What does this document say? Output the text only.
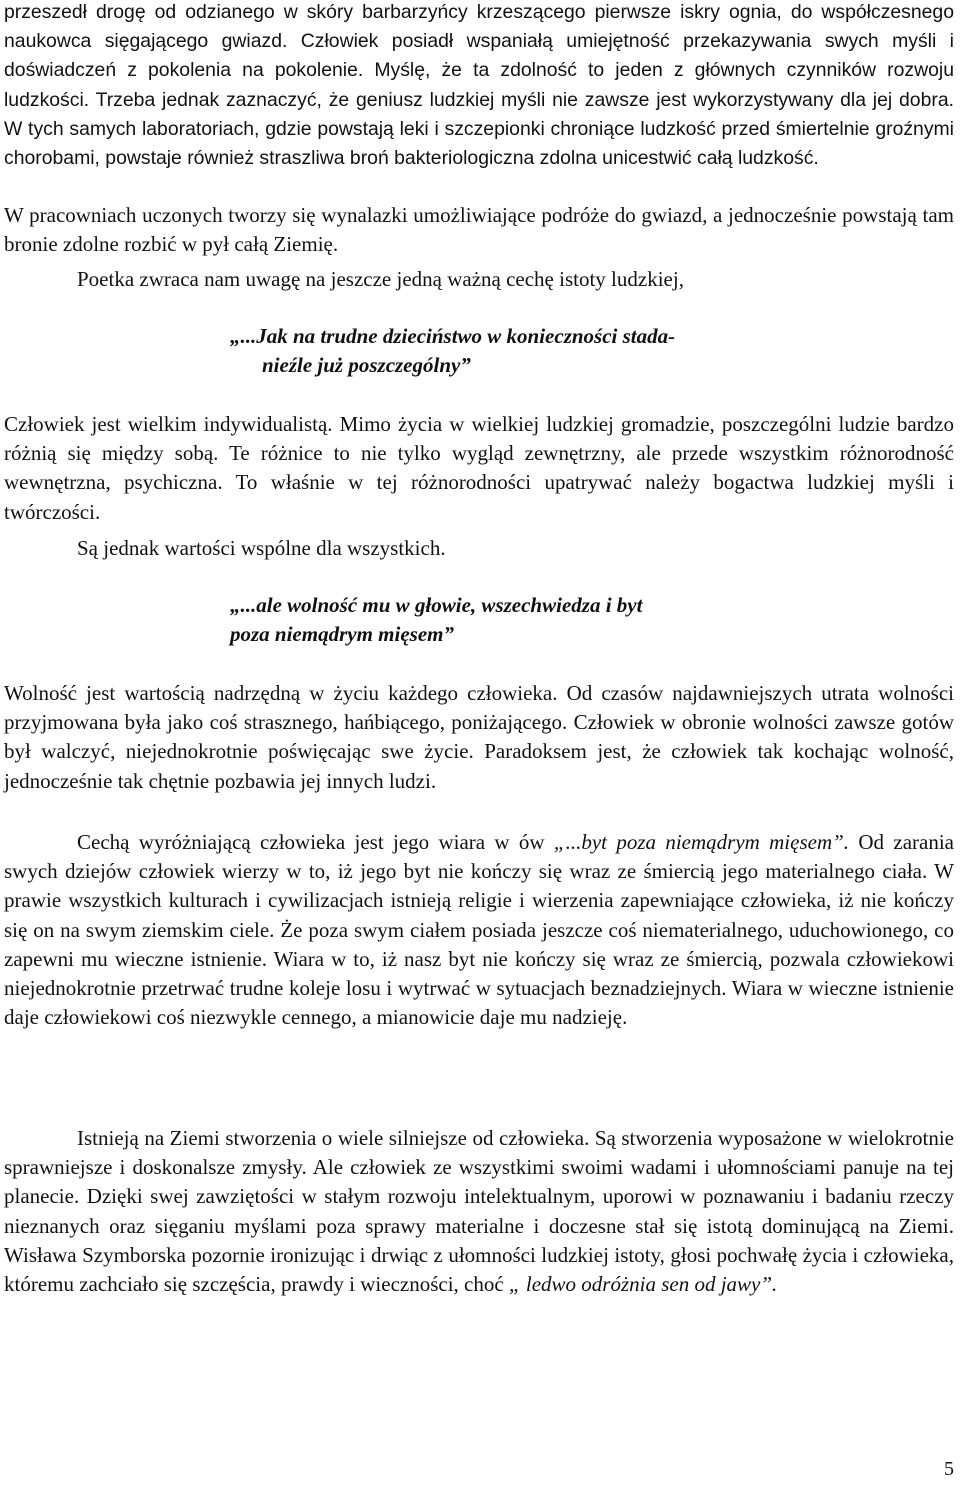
przeszedł drogę od odzianego w skóry barbarzyńcy krzeszącego pierwsze iskry ognia, do współczesnego naukowca sięgającego gwiazd. Człowiek posiadł wspaniałą umiejętność przekazywania swych myśli i doświadczeń z pokolenia na pokolenie. Myślę, że ta zdolność to jeden z głównych czynników rozwoju ludzkości. Trzeba jednak zaznaczyć, że geniusz ludzkiej myśli nie zawsze jest wykorzystywany dla jej dobra. W tych samych laboratoriach, gdzie powstają leki i szczepionki chroniące ludzkość przed śmiertelnie groźnymi chorobami, powstaje również straszliwa broń bakteriologiczna zdolna unicestwić całą ludzkość.

W pracowniach uczonych tworzy się wynalazki umożliwiające podróże do gwiazd, a jednocześnie powstają tam bronie zdolne rozbić w pył całą Ziemię.

Poetka zwraca nam uwagę na jeszcze jedną ważną cechę istoty ludzkiej,

„...Jak na trudne dzieciństwo w konieczności stada-

nieźle już poszczególny”

Człowiek jest wielkim indywidualistą. Mimo życia w wielkiej ludzkiej gromadzie, poszczególni ludzie bardzo różnią się między sobą. Te różnice to nie tylko wygląd zewnętrzny, ale przede wszystkim różnorodność wewnętrzna, psychiczna. To właśnie w tej różnorodności upatrywać należy bogactwa ludzkiej myśli i twórczości.

Są jednak wartości wspólne dla wszystkich.

„...ale wolność mu w głowie, wszechwiedza i byt

poza niemądrym mięsem”

Wolność jest wartością nadrzędną w życiu każdego człowieka. Od czasów najdawniejszych utrata wolności przyjmowana była jako coś strasznego, hańbiącego, poniżającego. Człowiek w obronie wolności zawsze gotów był walczyć, niejednokrotnie poświęcając swe życie. Paradoksem jest, że człowiek tak kochając wolność, jednocześnie tak chętnie pozbawia jej innych ludzi.

Cechą wyróżniającą człowieka jest jego wiara w ów „...byt poza niemądrym mięsem”. Od zarania swych dziejów człowiek wierzy w to, iż jego byt nie kończy się wraz ze śmiercią jego materialnego ciała. W prawie wszystkich kulturach i cywilizacjach istnieją religie i wierzenia zapewniające człowieka, iż nie kończy się on na swym ziemskim ciele. Że poza swym ciałem posiada jeszcze coś niematerialnego, uduchowionego, co zapewni mu wieczne istnienie. Wiara w to, iż nasz byt nie kończy się wraz ze śmiercią, pozwala człowiekowi niejednokrotnie przetrwać trudne koleje losu i wytrwać w sytuacjach beznadziejnych. Wiara w wieczne istnienie daje człowiekowi coś niezwykle cennego, a mianowicie daje mu nadzieję.

Istnieją na Ziemi stworzenia o wiele silniejsze od człowieka. Są stworzenia wyposażone w wielokrotnie sprawniejsze i doskonalsze zmysły. Ale człowiek ze wszystkimi swoimi wadami i ułomnościami panuje na tej planecie. Dzięki swej zawziętości w stałym rozwoju intelektualnym, uporowi w poznawaniu i badaniu rzeczy nieznanych oraz sięganiu myślami poza sprawy materialne i doczesne stał się istotą dominującą na Ziemi. Wisława Szymborska pozornie ironizując i drwiąc z ułomności ludzkiej istoty, głosi pochwałę życia i człowieka, któremu zachciało się szczęścia, prawdy i wieczności, choć „ ledwo odróżnia sen od jawy”.

5
